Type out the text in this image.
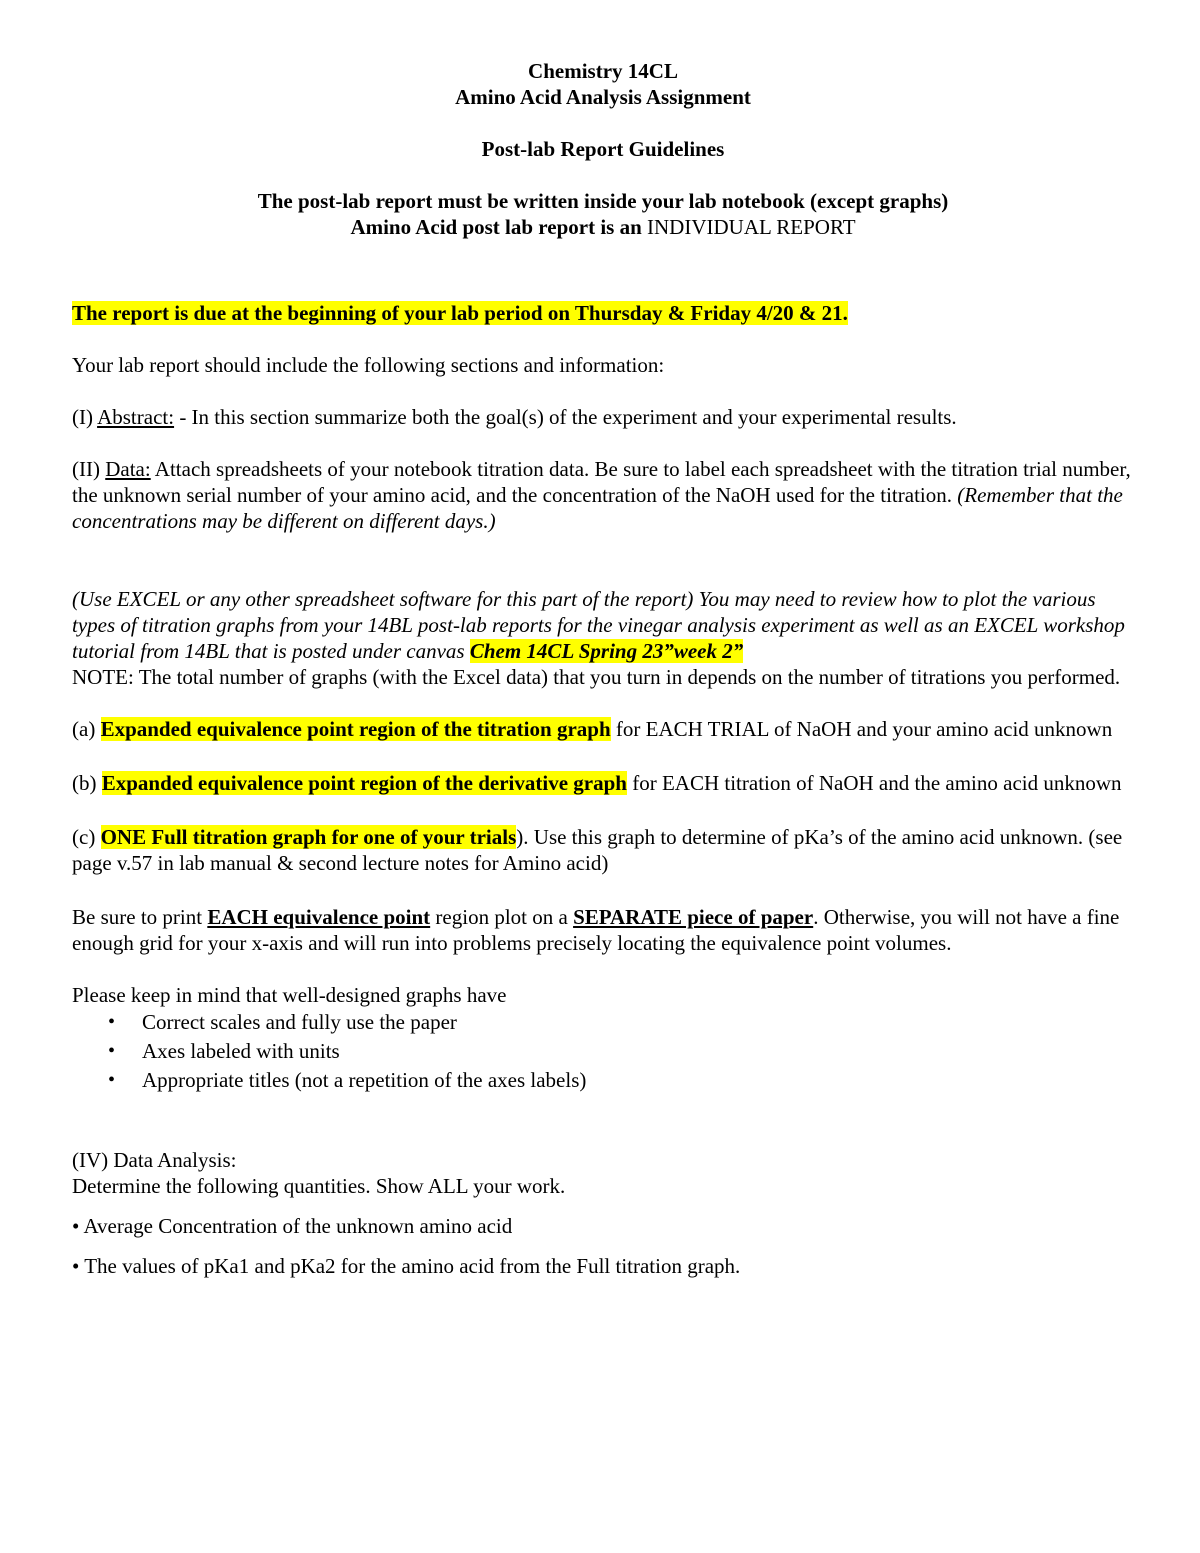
Chemistry 14CL

Amino Acid Analysis Assignment

Post-lab Report Guidelines

The post-lab report must be written inside your lab notebook (except graphs)

Amino Acid post lab report is an INDIVIDUAL REPORT

The report is due at the beginning of your lab period on Thursday & Friday 4/20 & 21.

Your lab report should include the following sections and information:

(I) Abstract: - In this section summarize both the goal(s) of the experiment and your experimental results.

(II) Data: Attach spreadsheets of your notebook titration data. Be sure to label each spreadsheet with the titration trial number, the unknown serial number of your amino acid, and the concentration of the NaOH used for the titration. (Remember that the concentrations may be different on different days.)

(Use EXCEL or any other spreadsheet software for this part of the report) You may need to review how to plot the various types of titration graphs from your 14BL post-lab reports for the vinegar analysis experiment as well as an EXCEL workshop tutorial from 14BL that is posted under canvas Chem 14CL Spring 23”week 2”

NOTE: The total number of graphs (with the Excel data) that you turn in depends on the number of titrations you performed.

(a) Expanded equivalence point region of the titration graph for EACH TRIAL of NaOH and your amino acid unknown

(b) Expanded equivalence point region of the derivative graph for EACH titration of NaOH and the amino acid unknown

(c) ONE Full titration graph for one of your trials). Use this graph to determine of pKa’s of the amino acid unknown. (see page v.57 in lab manual & second lecture notes for Amino acid)

Be sure to print EACH equivalence point region plot on a SEPARATE piece of paper. Otherwise, you will not have a fine enough grid for your x-axis and will run into problems precisely locating the equivalence point volumes.

Please keep in mind that well-designed graphs have

• Correct scales and fully use the paper
• Axes labeled with units
• Appropriate titles (not a repetition of the axes labels)

(IV) Data Analysis:

Determine the following quantities. Show ALL your work.

• Average Concentration of the unknown amino acid

• The values of pKa1 and pKa2 for the amino acid from the Full titration graph.
